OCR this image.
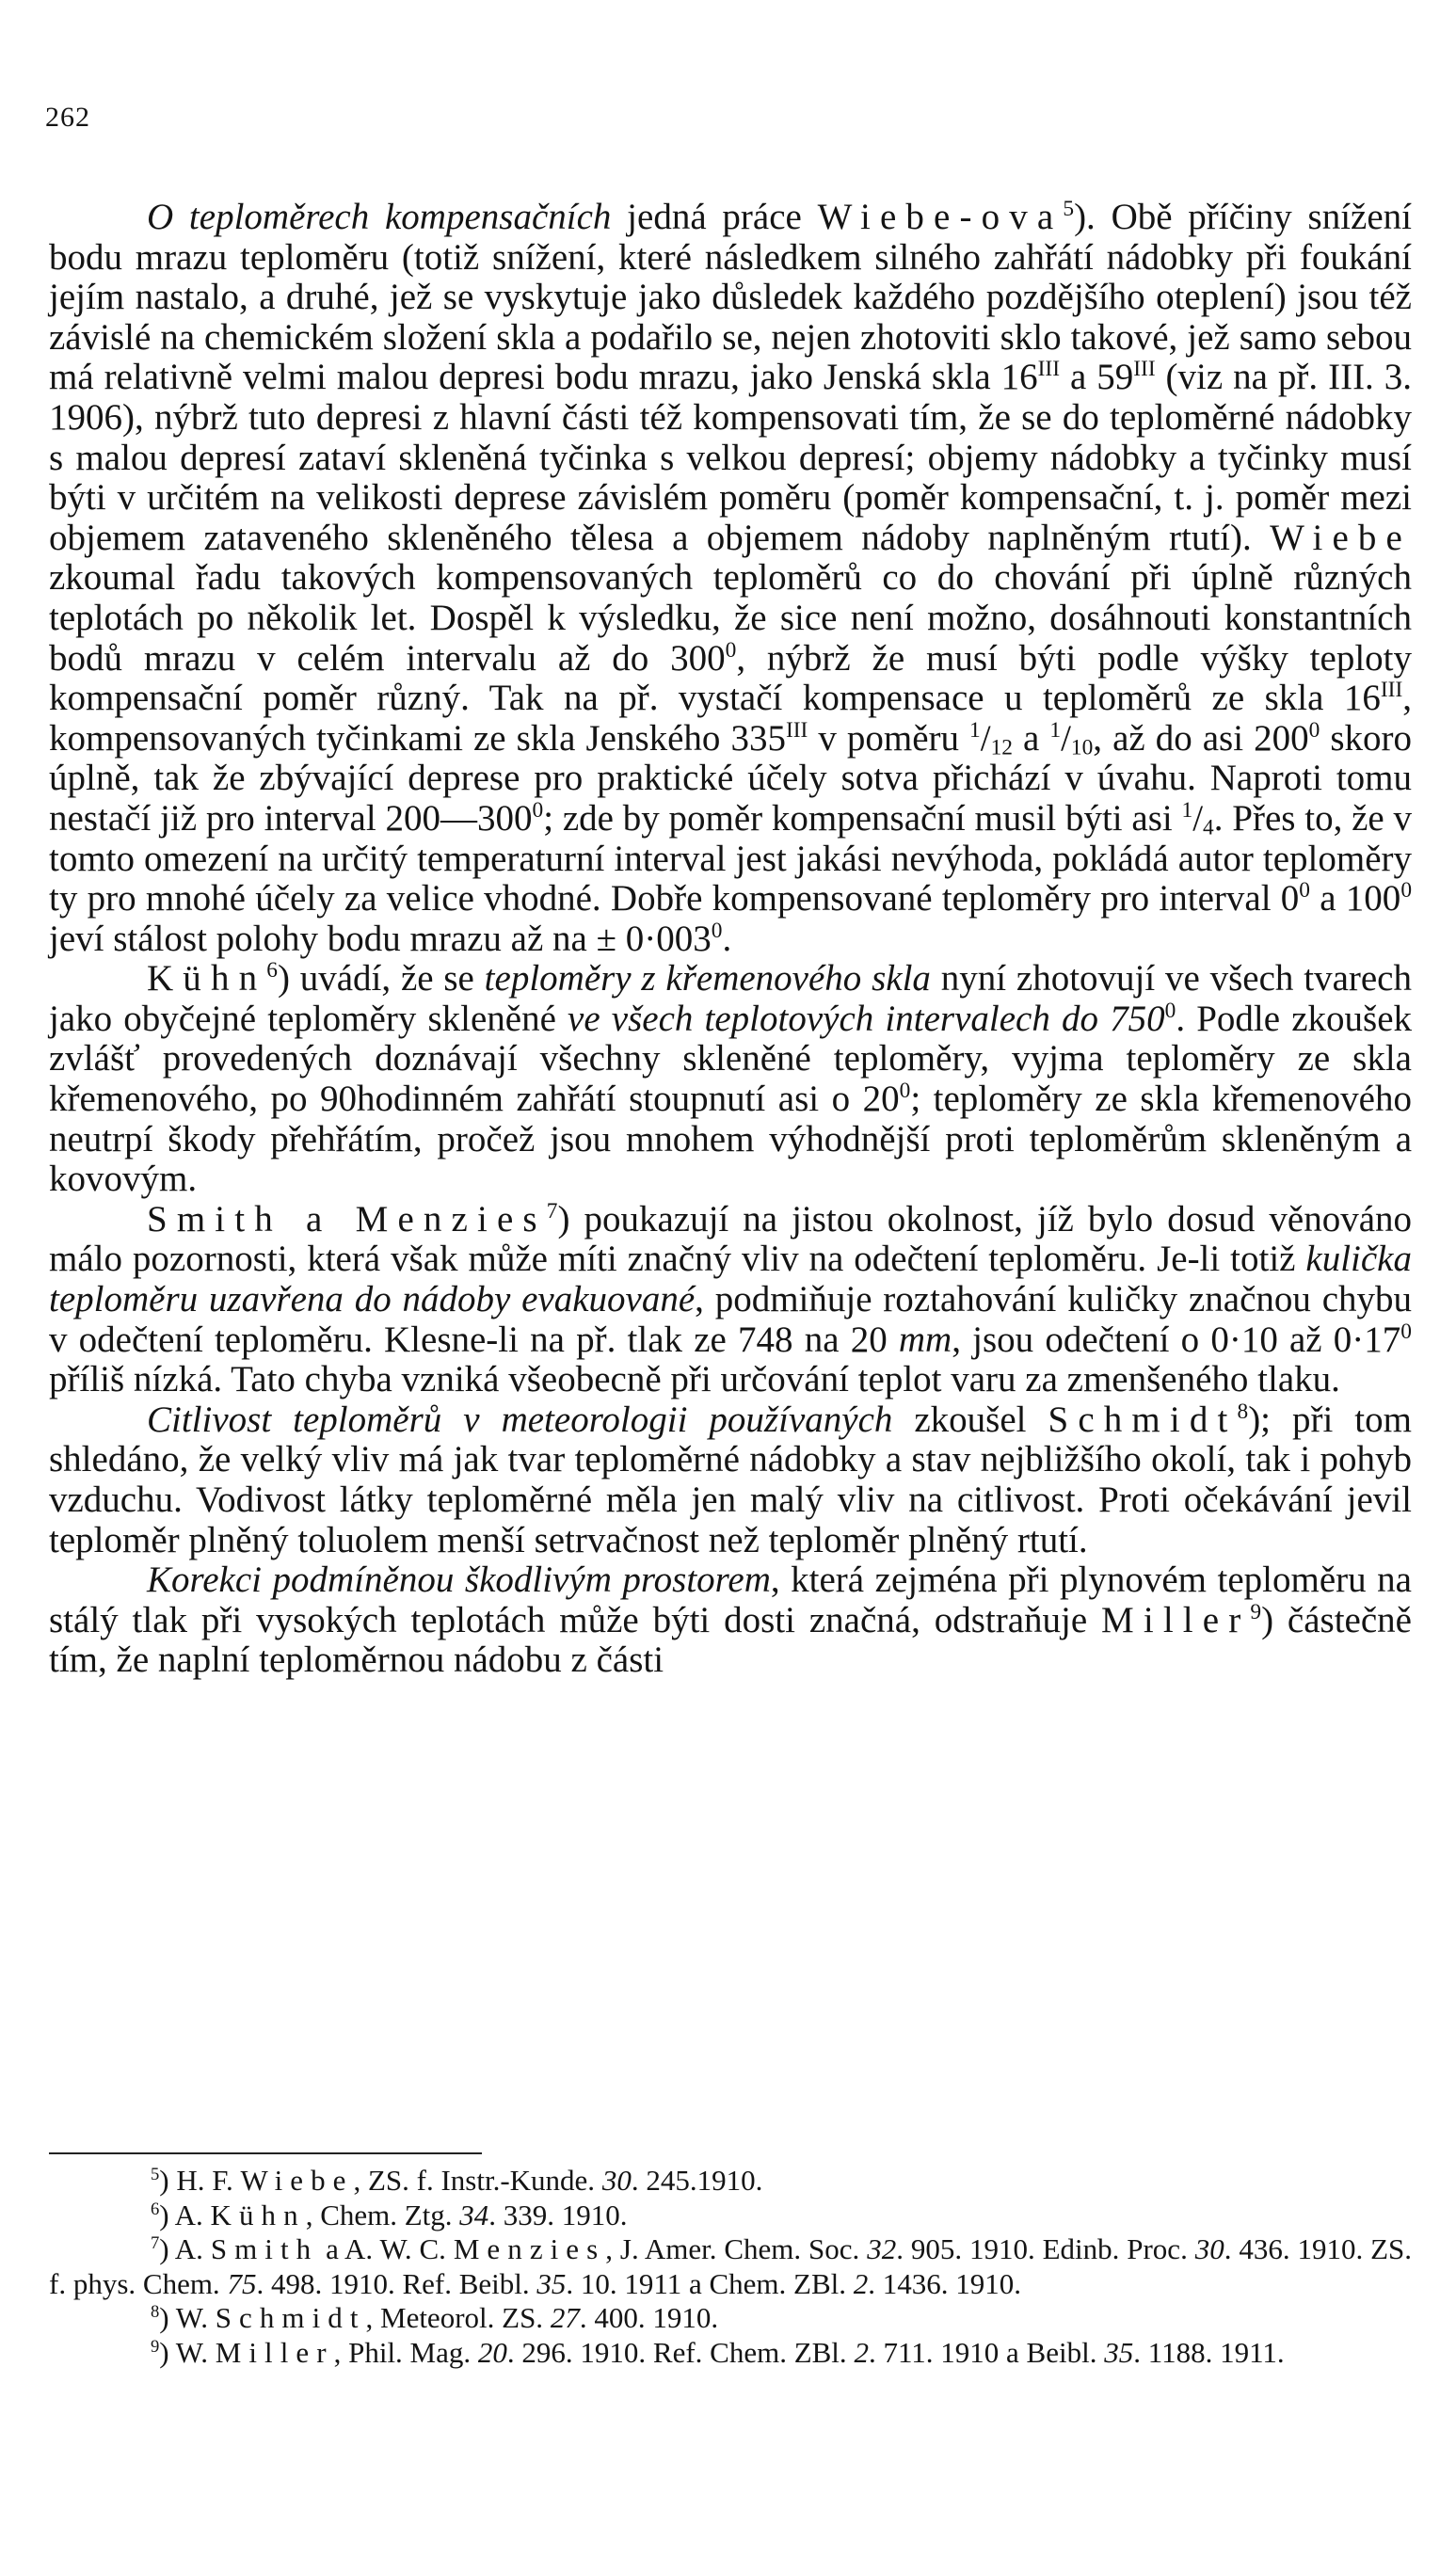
262

O teploměrech kompensačních jedná práce Wiebe-ova$^5$). Obě příčiny snížení bodu mrazu teploměru (totiž snížení, které následkem silného zahřátí nádobky při foukání jejím nastalo, a druhé, jež se vyskytuje jako důsledek každého pozdějšího oteplení) jsou též závislé na chemickém složení skla a podařilo se, nejen zhotoviti sklo takové, jež samo sebou má relativně velmi malou depresi bodu mrazu, jako Jenská skla $16^{III}$ a $59^{III}$ (viz na př. III. 3. 1906), nýbrž tuto depresi z hlavní části též kompensovati tím, že se do teploměrné nádobky s malou depresí zataví skleněná tyčinka s velkou depresí; objemy nádobky a tyčinky musí býti v určitém na velikosti deprese závislém poměru (poměr kompensační, t. j. poměr mezi objemem zataveného skleněného tělesa a objemem nádoby naplněným rtutí). Wiebe zkoumal řadu takových kompensovaných teploměrů co do chování při úplně různých teplotách po několik let. Dospěl k výsledku, že sice není možno, dosáhnouti konstantních bodů mrazu v celém intervalu až do $300^0$, nýbrž že musí býti podle výšky teploty kompensační poměr různý. Tak na př. vystačí kompensace u teploměrů ze skla $16^{III}$, kompensovaných tyčinkami ze skla Jenského $335^{III}$ v poměru $^1/_{12}$ a $^1/_{10}$, až do asi $200^0$ skoro úplně, tak že zbývající deprese pro praktické účely sotva přichází v úvahu. Naproti tomu nestačí již pro interval $200—300^0$; zde by poměr kompensační musil býti asi $^1/_4$. Přes to, že v tomto omezení na určitý temperaturní interval jest jakási nevýhoda, pokládá autor teploměry ty pro mnohé účely za velice vhodné. Dobře kompensované teploměry pro interval $0^0$ a $100^0$ jeví stálost polohy bodu mrazu až na ± $0\cdot 003^0$.

Kühn$^6$) uvádí, že se teploměry z křemenového skla nyní zhotovují ve všech tvarech jako obyčejné teploměry skleněné ve všech teplotových intervalech do $750^0$. Podle zkoušek zvlášť provedených doznávají všechny skleněné teploměry, vyjma teploměry ze skla křemenového, po 90hodinném zahřátí stoupnutí asi o $20^0$; teploměry ze skla křemenového neutrpí škody přehřátím, pročež jsou mnohem výhodnější proti teploměrům skleněným a kovovým.

Smith a Menzies$^7$) poukazují na jistou okolnost, jíž bylo dosud věnováno málo pozornosti, která však může míti značný vliv na odečtení teploměru. Je-li totiž kulička teploměru uzavřena do nádoby evakuované, podmiňuje roztahování kuličky značnou chybu v odečtení teploměru. Klesne-li na př. tlak ze 748 na 20 mm, jsou odečtení o 0·10 až $0\cdot 17^0$ příliš nízká. Tato chyba vzniká všeobecně při určování teplot varu za zmenšeného tlaku.

Citlivost teploměrů v meteorologii používaných zkoušel Schmidt$^8$); při tom shledáno, že velký vliv má jak tvar teploměrné nádobky a stav nejbližšího okolí, tak i pohyb vzduchu. Vodivost látky teploměrné měla jen malý vliv na citlivost. Proti očekávání jevil teploměr plněný toluolem menší setrvačnost než teploměr plněný rtutí.

Korekci podmíněnou škodlivým prostorem, která zejména při plynovém teploměru na stálý tlak při vysokých teplotách může býti dosti značná, odstraňuje Miller$^9$) částečně tím, že naplní teploměrnou nádobu z části

$^5$) H. F. Wiebe, ZS. f. Instr.-Kunde. 30. 245.1910.

$^6$) A. Kühn, Chem. Ztg. 34. 339. 1910.

$^7$) A. Smith a A. W. C. Menzies, J. Amer. Chem. Soc. 32. 905. 1910. Edinb. Proc. 30. 436. 1910. ZS. f. phys. Chem. 75. 498. 1910. Ref. Beibl. 35. 10. 1911 a Chem. ZBl. 2. 1436. 1910.

$^8$) W. Schmidt, Meteorol. ZS. 27. 400. 1910.

$^9$) W. Miller, Phil. Mag. 20. 296. 1910. Ref. Chem. ZBl. 2. 711. 1910 a Beibl. 35. 1188. 1911.
